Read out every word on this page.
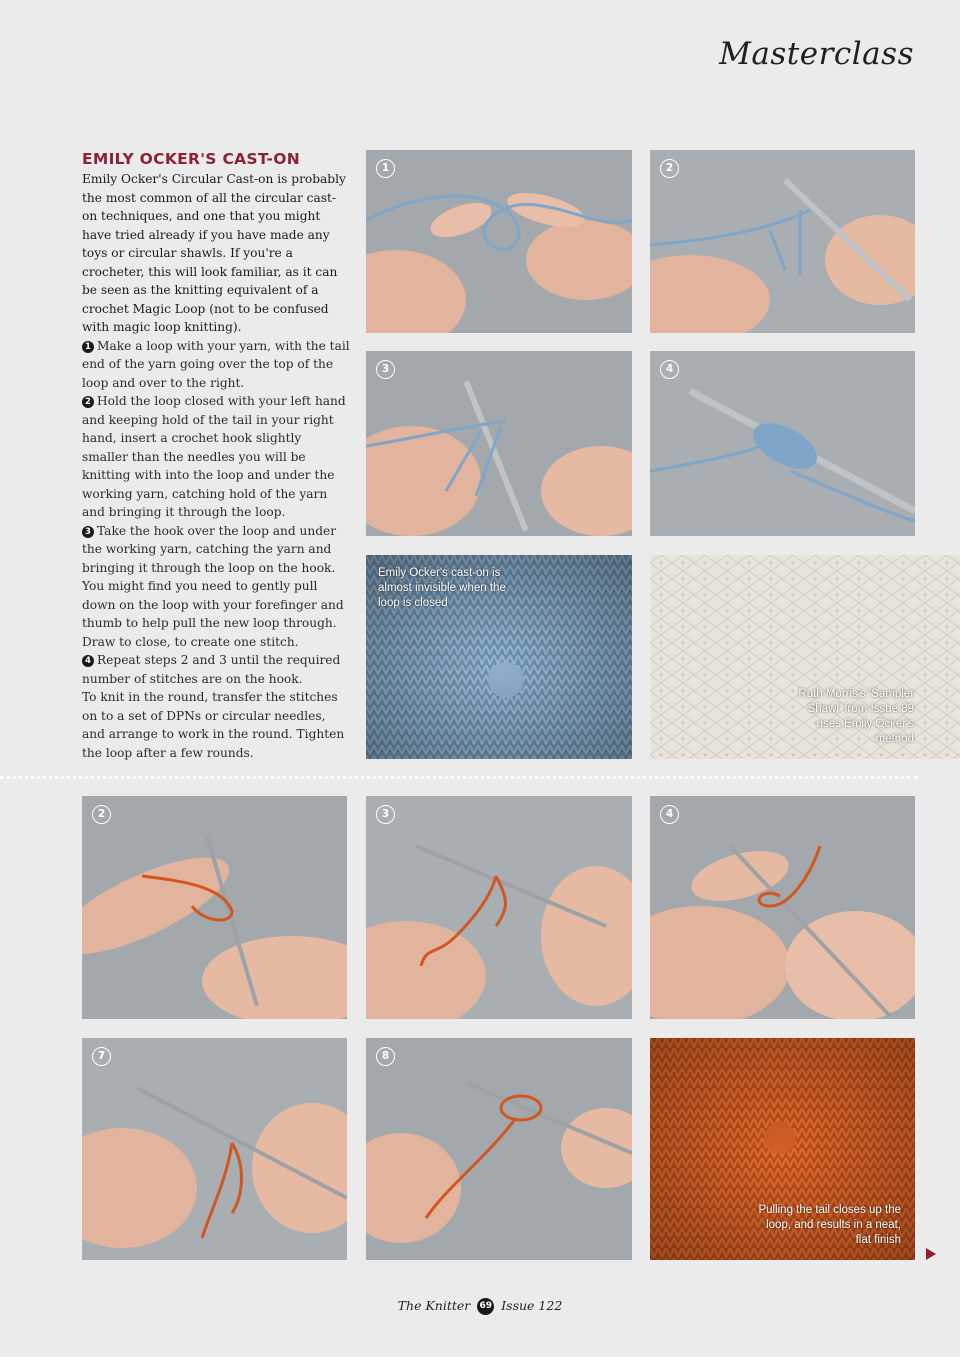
Masterclass
EMILY OCKER'S CAST-ON

Emily Ocker's Circular Cast-on is probably the most common of all the circular cast-on techniques, and one that you might have tried already if you have made any toys or circular shawls. If you're a crocheter, this will look familiar, as it can be seen as the knitting equivalent of a crochet Magic Loop (not to be confused with magic loop knitting).

1 Make a loop with your yarn, with the tail end of the yarn going over the top of the loop and over to the right.

2 Hold the loop closed with your left hand and keeping hold of the tail in your right hand, insert a crochet hook slightly smaller than the needles you will be knitting with into the loop and under the working yarn, catching hold of the yarn and bringing it through the loop.

3 Take the hook over the loop and under the working yarn, catching the yarn and bringing it through the loop on the hook. You might find you need to gently pull down on the loop with your forefinger and thumb to help pull the new loop through. Draw to close, to create one stitch.

4 Repeat steps 2 and 3 until the required number of stitches are on the hook.

To knit in the round, transfer the stitches on to a set of DPNs or circular needles, and arrange to work in the round. Tighten the loop after a few rounds.

1	2
3	4
Emily Ocker's cast-on is almost invisible when the loop is closed
Ruth Morris's 'Sampler Shawl' from Issue 89 uses Emily Ocker's method
2	3	4
7	8
Pulling the tail closes up the loop, and results in a neat, flat finish
The Knitter 69 Issue 122
